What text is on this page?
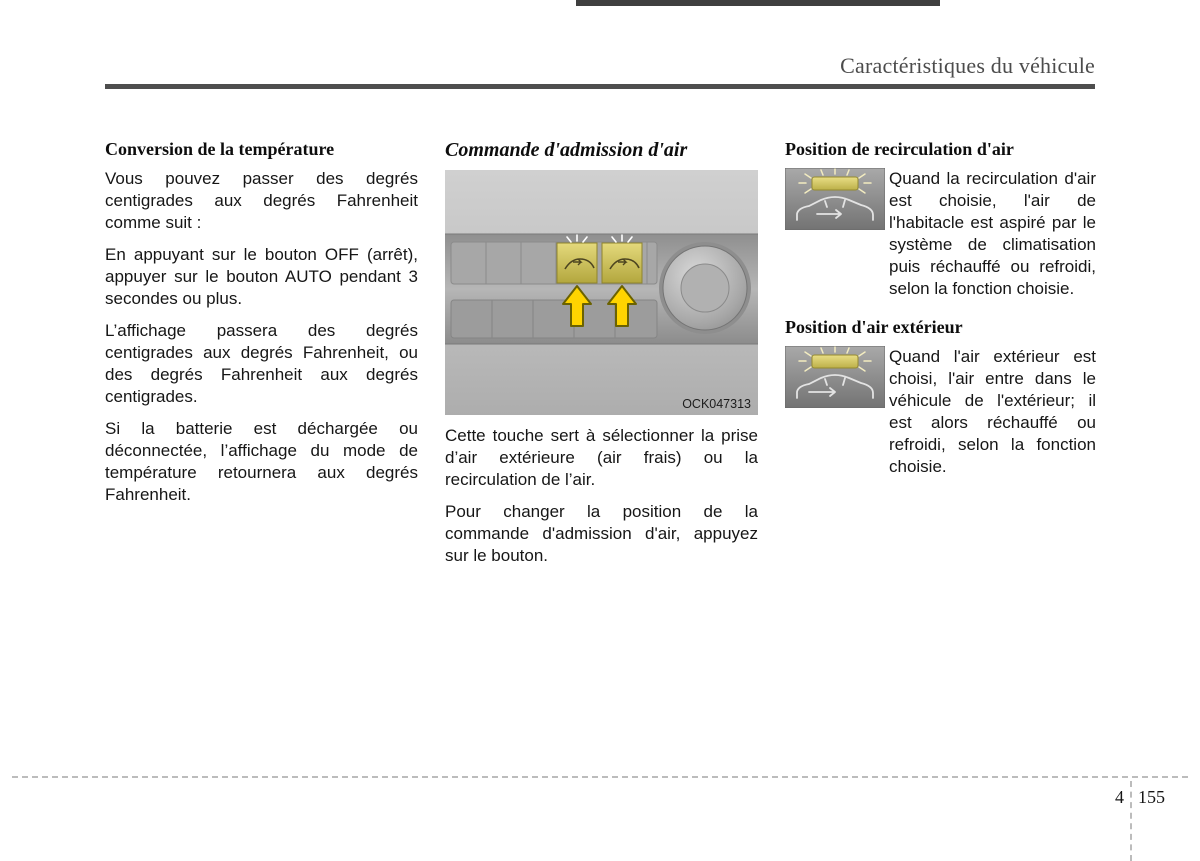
Caractéristiques du véhicule
Conversion de la température

Vous pouvez passer des degrés centigrades aux degrés Fahrenheit comme suit :

En appuyant sur le bouton OFF (arrêt), appuyer sur le bouton AUTO pendant 3 secondes ou plus.

L’affichage passera des degrés centigrades aux degrés Fahrenheit, ou des degrés Fahrenheit aux degrés centigrades.

Si la batterie est déchargée ou déconnectée, l’affichage du mode de température retournera aux degrés Fahrenheit.

Commande d'admission d'air
OCK047313

Cette touche sert à sélectionner la prise d’air extérieure (air frais) ou la recirculation de l’air.

Pour changer la position de la commande d'admission d'air, appuyez sur le bouton.

Position de recirculation d'air
Quand la recirculation d'air est choisie, l'air de l'habitacle est aspiré par le système de climatisation puis réchauffé ou refroidi, selon la fonction choisie.
Position d'air extérieur
Quand l'air extérieur est choisi, l'air entre dans le véhicule de l'extérieur; il est alors réchauffé ou refroidi, selon la fonction choisie.
4 155
